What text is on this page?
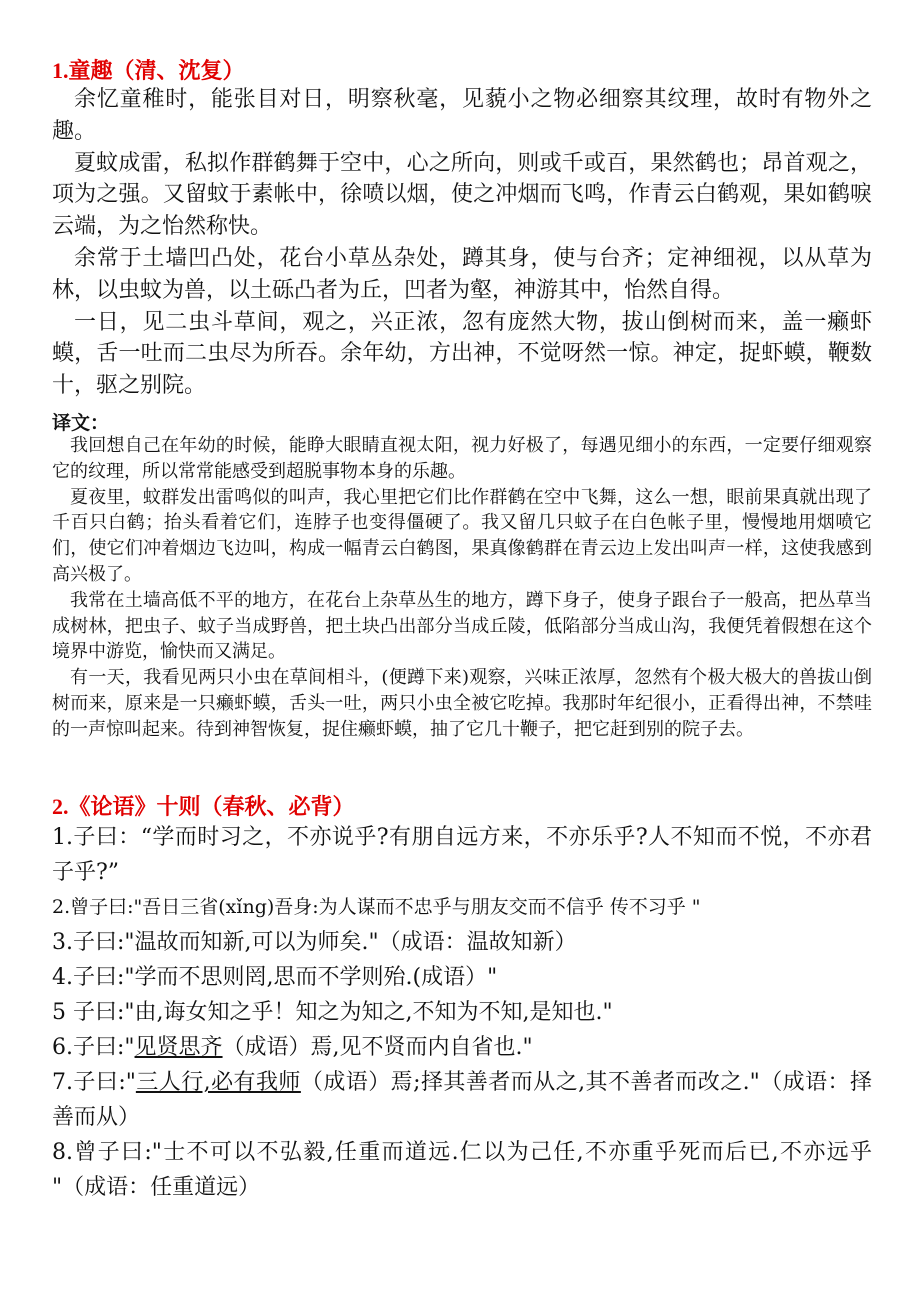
1.童趣（清、沈复）

余忆童稚时，能张目对日，明察秋毫，见藐小之物必细察其纹理，故时有物外之趣。

夏蚊成雷，私拟作群鹤舞于空中，心之所向，则或千或百，果然鹤也；昂首观之，项为之强。又留蚊于素帐中，徐喷以烟，使之冲烟而飞鸣，作青云白鹤观，果如鹤唳云端，为之怡然称快。

余常于土墙凹凸处，花台小草丛杂处，蹲其身，使与台齐；定神细视，以从草为林，以虫蚊为兽，以土砾凸者为丘，凹者为壑，神游其中，怡然自得。

一日，见二虫斗草间，观之，兴正浓，忽有庞然大物，拔山倒树而来，盖一癞虾蟆，舌一吐而二虫尽为所吞。余年幼，方出神，不觉呀然一惊。神定，捉虾蟆，鞭数十，驱之别院。

译文：

我回想自己在年幼的时候，能睁大眼睛直视太阳，视力好极了，每遇见细小的东西，一定要仔细观察它的纹理，所以常常能感受到超脱事物本身的乐趣。

夏夜里，蚊群发出雷鸣似的叫声，我心里把它们比作群鹤在空中飞舞，这么一想，眼前果真就出现了千百只白鹤；抬头看着它们，连脖子也变得僵硬了。我又留几只蚊子在白色帐子里，慢慢地用烟喷它们，使它们冲着烟边飞边叫，构成一幅青云白鹤图，果真像鹤群在青云边上发出叫声一样，这使我感到高兴极了。

我常在土墙高低不平的地方，在花台上杂草丛生的地方，蹲下身子，使身子跟台子一般高，把丛草当成树林，把虫子、蚊子当成野兽，把土块凸出部分当成丘陵，低陷部分当成山沟，我便凭着假想在这个境界中游览，愉快而又满足。

有一天，我看见两只小虫在草间相斗，(便蹲下来)观察，兴味正浓厚，忽然有个极大极大的兽拔山倒树而来，原来是一只癞虾蟆，舌头一吐，两只小虫全被它吃掉。我那时年纪很小，正看得出神，不禁哇的一声惊叫起来。待到神智恢复，捉住癞虾蟆，抽了它几十鞭子，把它赶到别的院子去。

2.《论语》十则（春秋、必背）

1.子曰：“学而时习之，不亦说乎?有朋自远方来，不亦乐乎?人不知而不悦，不亦君子乎?”

2.曾子曰:"吾日三省(xǐng)吾身:为人谋而不忠乎与朋友交而不信乎 传不习乎 "

3.子曰:"温故而知新,可以为师矣."（成语：温故知新）

4.子曰:"学而不思则罔,思而不学则殆.(成语）"

5 子曰:"由,诲女知之乎！知之为知之,不知为不知,是知也."

6.子曰:"见贤思齐（成语）焉,见不贤而内自省也."

7.子曰:"三人行,必有我师（成语）焉;择其善者而从之,其不善者而改之."（成语：择善而从）

8.曾子曰:"士不可以不弘毅,任重而道远.仁以为己任,不亦重乎死而后已,不亦远乎 "（成语：任重道远）
